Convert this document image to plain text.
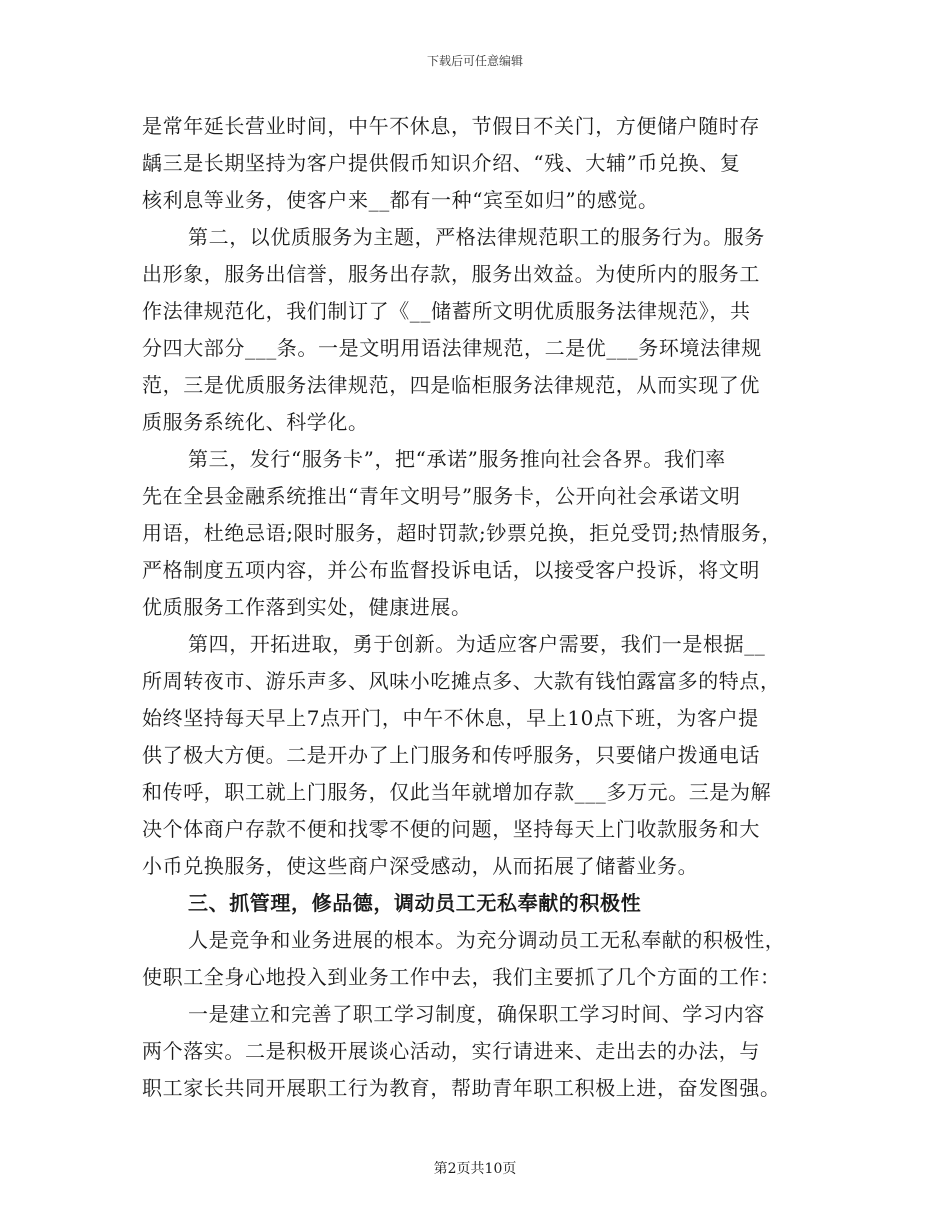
下载后可任意编辑
是常年延长营业时间，中午不休息，节假日不关门，方便储户随时存
龋三是长期坚持为客户提供假币知识介绍、“残、大辅”币兑换、复
核利息等业务，使客户来__都有一种“宾至如归”的感觉。
第二，以优质服务为主题，严格法律规范职工的服务行为。服务
出形象，服务出信誉，服务出存款，服务出效益。为使所内的服务工
作法律规范化，我们制订了《__储蓄所文明优质服务法律规范》，共
分四大部分___条。一是文明用语法律规范，二是优___务环境法律规
范，三是优质服务法律规范，四是临柜服务法律规范，从而实现了优
质服务系统化、科学化。
第三，发行“服务卡”，把“承诺”服务推向社会各界。我们率
先在全县金融系统推出“青年文明号”服务卡，公开向社会承诺文明
用语，杜绝忌语;限时服务，超时罚款;钞票兑换，拒兑受罚;热情服务，
严格制度五项内容，并公布监督投诉电话，以接受客户投诉，将文明
优质服务工作落到实处，健康进展。
第四，开拓进取，勇于创新。为适应客户需要，我们一是根据__
所周转夜市、游乐声多、风味小吃摊点多、大款有钱怕露富多的特点，
始终坚持每天早上7点开门，中午不休息，早上10点下班，为客户提
供了极大方便。二是开办了上门服务和传呼服务，只要储户拨通电话
和传呼，职工就上门服务，仅此当年就增加存款___多万元。三是为解
决个体商户存款不便和找零不便的问题，坚持每天上门收款服务和大
小币兑换服务，使这些商户深受感动，从而拓展了储蓄业务。
三、抓管理，修品德，调动员工无私奉献的积极性
人是竞争和业务进展的根本。为充分调动员工无私奉献的积极性，
使职工全身心地投入到业务工作中去，我们主要抓了几个方面的工作：
一是建立和完善了职工学习制度，确保职工学习时间、学习内容
两个落实。二是积极开展谈心活动，实行请进来、走出去的办法，与
职工家长共同开展职工行为教育，帮助青年职工积极上进，奋发图强。
第2页共10页
